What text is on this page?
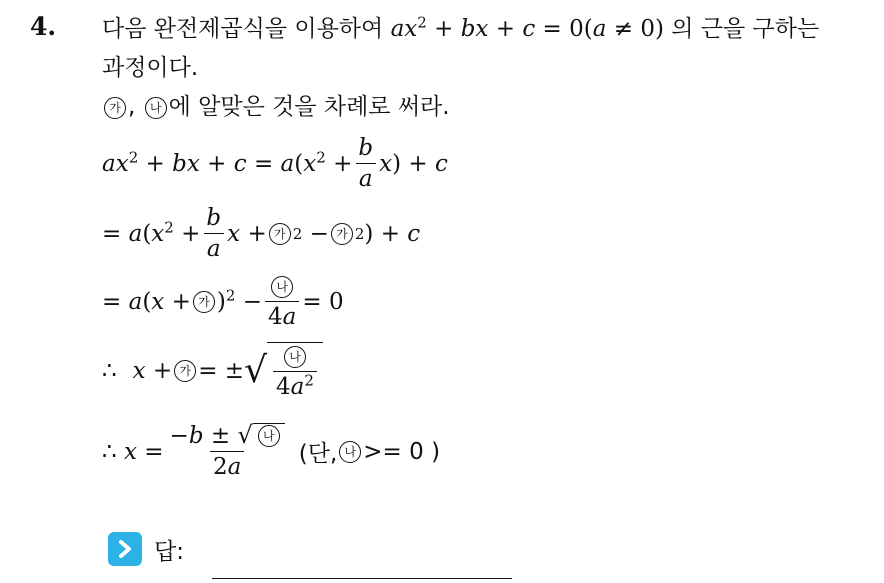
4. 다음 완전제곱식을 이용하여 $ax^2$ + bx + c = 0(a ≠ 0) 의 근을 구하는
과정이다.
가 , 나 에 알맞은 것을 차례로 써라.
$ax^2$ + bx + $c = a(x^2 + \frac{b}{a} x) + c$
= $a(x^2 + \frac{b}{a}$ x + 가 2 − 가 2 ) + c
= a(x + 가 )$^2 - \frac{\text{나}}{4a} = 0$
∴ x + 가 = ± √ $\frac{\text{나}}{4a^2}$
∴ $x = \frac{\text{−b ± √ 나}}{2a}$ (단, 나 >= 0 )
답:
